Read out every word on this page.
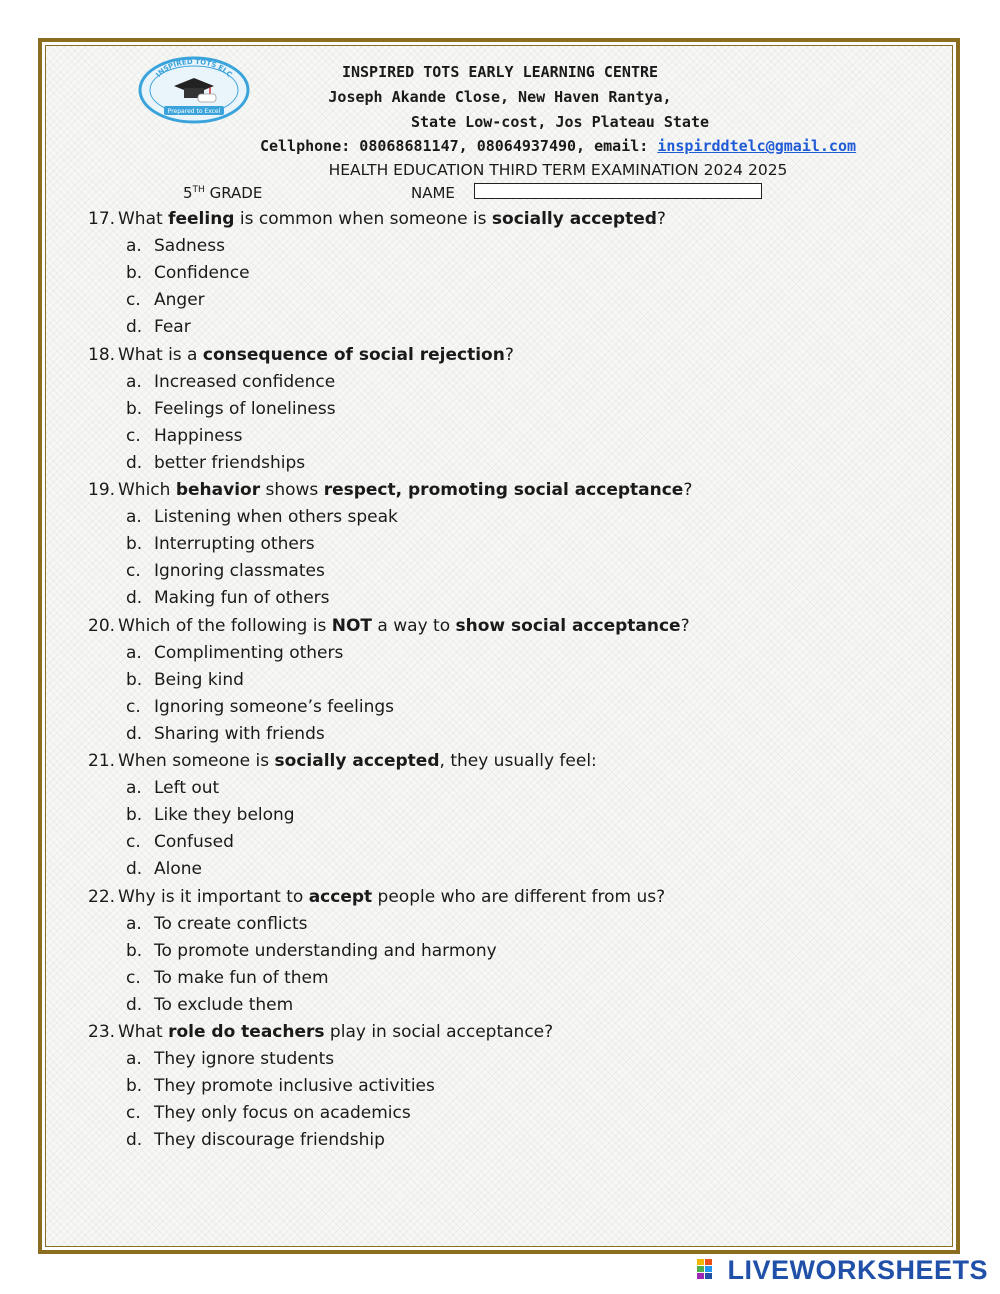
INSPIRED TOTS ELC
Prepared to Excel
INSPIRED TOTS EARLY LEARNING CENTRE
Joseph Akande Close, New Haven Rantya,
State Low-cost, Jos Plateau State
Cellphone: 08068681147, 08064937490, email: inspirddtelc@gmail.com
HEALTH EDUCATION THIRD TERM EXAMINATION 2024 2025
5TH GRADE	NAME
17. What feeling is common when someone is socially accepted?
a. Sadness
b. Confidence
c. Anger
d. Fear
18. What is a consequence of social rejection?
a. Increased confidence
b. Feelings of loneliness
c. Happiness
d. better friendships
19. Which behavior shows respect, promoting social acceptance?
a. Listening when others speak
b. Interrupting others
c. Ignoring classmates
d. Making fun of others
20. Which of the following is NOT a way to show social acceptance?
a. Complimenting others
b. Being kind
c. Ignoring someone’s feelings
d. Sharing with friends
21. When someone is socially accepted, they usually feel:
a. Left out
b. Like they belong
c. Confused
d. Alone
22. Why is it important to accept people who are different from us?
a. To create conflicts
b. To promote understanding and harmony
c. To make fun of them
d. To exclude them
23. What role do teachers play in social acceptance?
a. They ignore students
b. They promote inclusive activities
c. They only focus on academics
d. They discourage friendship
LIVEWORKSHEETS
